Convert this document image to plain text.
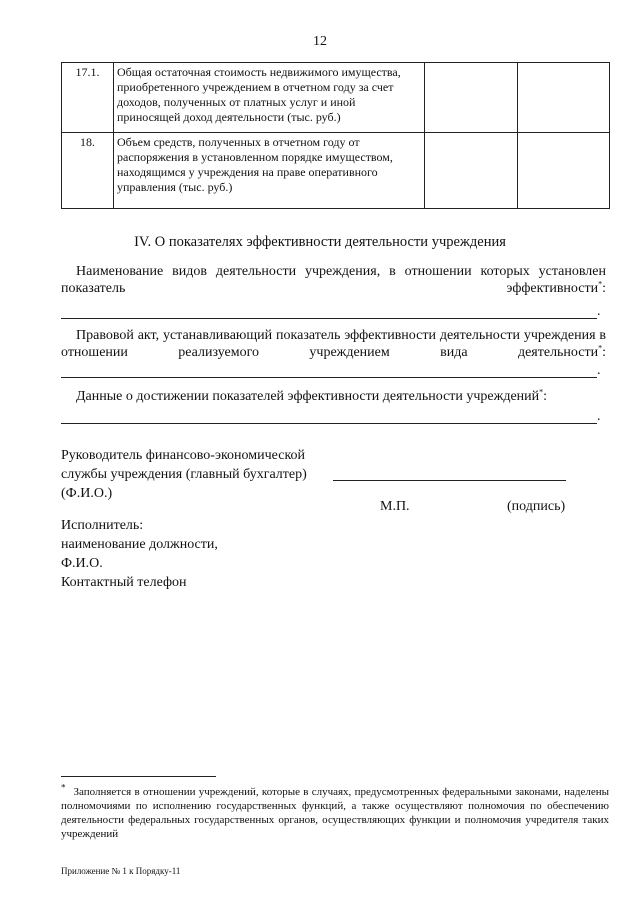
12
17.1.	Общая остаточная стоимость недвижимого имущества, приобретенного учреждением в отчетном году за счет доходов, полученных от платных услуг и иной приносящей доход деятельности (тыс. руб.)		
18.	Объем средств, полученных в отчетном году от распоряжения в установленном порядке имуществом, находящимся у учреждения на праве оперативного управления (тыс. руб.)		
IV. О показателях эффективности деятельности учреждения
Наименование видов деятельности учреждения, в отношении которых установлен показатель эффективности*:
.
Правовой акт, устанавливающий показатель эффективности деятельности учреждения в отношении реализуемого учреждением вида деятельности*:
.
Данные о достижении показателей эффективности деятельности учреждений*:
.
Руководитель финансово-экономической
службы учреждения (главный бухгалтер)
(Ф.И.О.)
М.П.	(подпись)
Исполнитель:
наименование должности,
Ф.И.О.
Контактный телефон
* Заполняется в отношении учреждений, которые в случаях, предусмотренных федеральными законами, наделены полномочиями по исполнению государственных функций, а также осуществляют полномочия по обеспечению деятельности федеральных государственных органов, осуществляющих функции и полномочия учредителя таких учреждений
Приложение № 1 к Порядку-11
